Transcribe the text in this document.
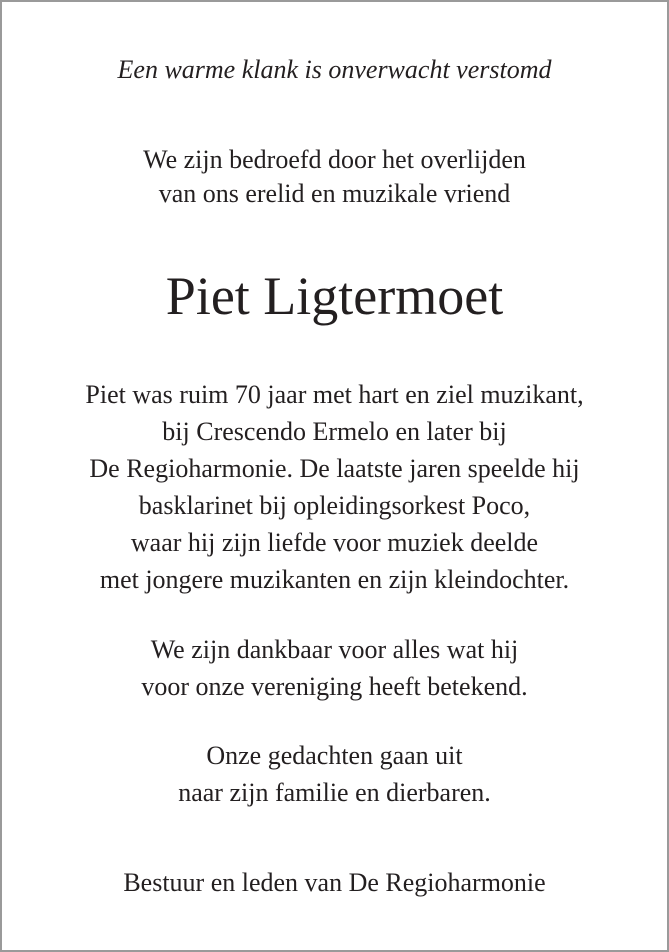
Een warme klank is onverwacht verstomd
We zijn bedroefd door het overlijden
van ons erelid en muzikale vriend
Piet Ligtermoet
Piet was ruim 70 jaar met hart en ziel muzikant,
bij Crescendo Ermelo en later bij
De Regioharmonie. De laatste jaren speelde hij
basklarinet bij opleidingsorkest Poco,
waar hij zijn liefde voor muziek deelde
met jongere muzikanten en zijn kleindochter.
We zijn dankbaar voor alles wat hij
voor onze vereniging heeft betekend.
Onze gedachten gaan uit
naar zijn familie en dierbaren.
Bestuur en leden van De Regioharmonie
